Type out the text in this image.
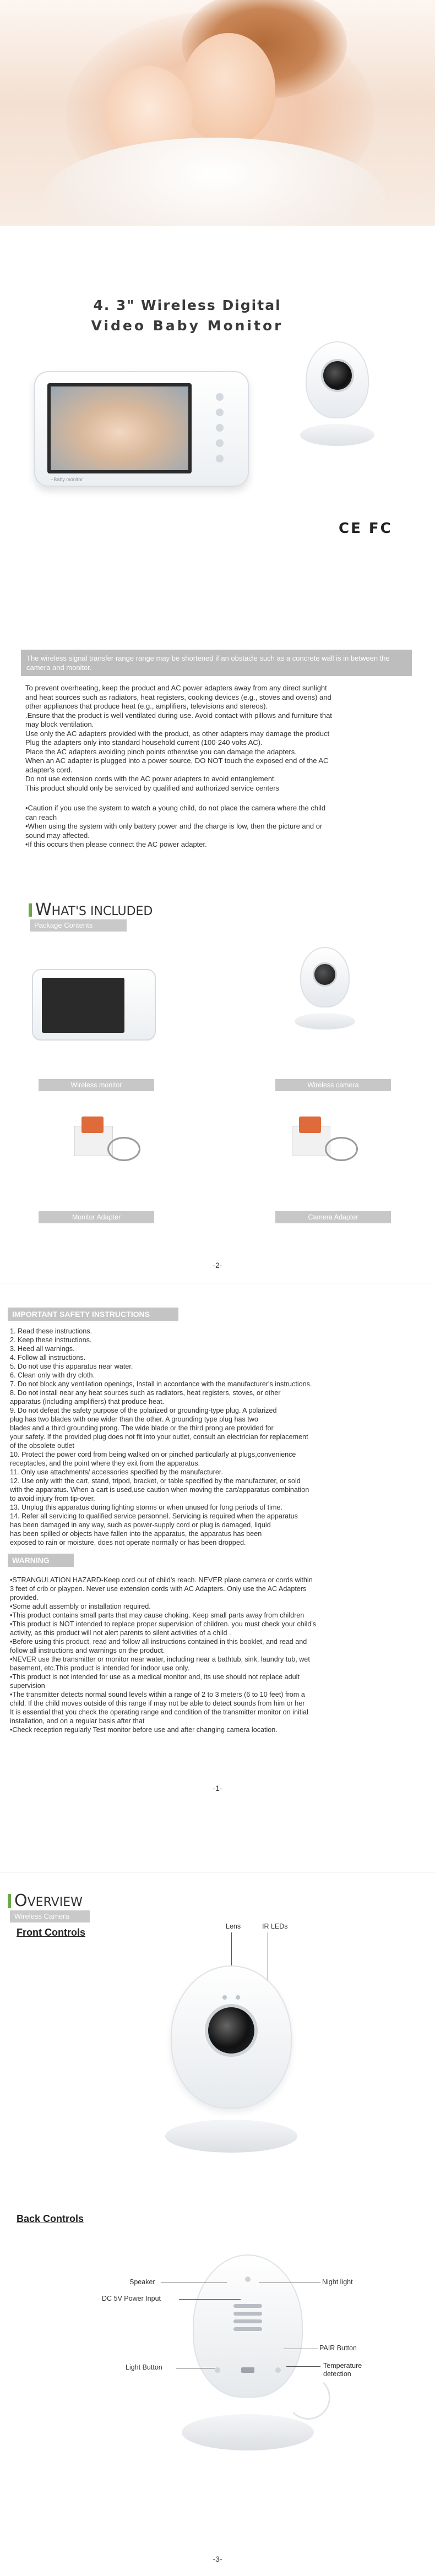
4. 3" Wireless Digital
Video Baby Monitor
~Baby monitor
CE FC
The wireless signal transfer range range may be shortened if an obstacle such as a concrete wall is in between the camera and monitor.

To prevent overheating, keep the product and AC power adapters away from any direct sunlight

and heat sources such as radiators, heat registers, cooking devices (e.g., stoves and ovens) and

other appliances that produce heat (e.g., amplifiers, televisions and stereos).

.Ensure that the product is well ventilated during use. Avoid contact with pillows and furniture that

may block ventilation.

Use only the AC adapters provided with the product, as other adapters may damage the product

Plug the adapters only into standard household current (100-240 volts AC).

Place the AC adapters avoiding pinch points otherwise you can damage the adapters.

When an AC adapter is plugged into a power source, DO NOT touch the exposed end of the AC

adapter's cord.

Do not use extension cords with the AC power adapters to avoid entanglement.

This product should only be serviced by qualified and authorized service centers

•Caution if you use the system to watch a young child, do not place the camera where the child

can reach

•When using the system with only battery power and the charge is low, then the picture and or

sound may affected.

•If this occurs then please connect the AC power adapter.

WHAT'S INCLUDED
Package Contents
Wireless monitor	Wireless camera
Monitor Adapter	Camera Adapter
-2-
IMPORTANT SAFETY INSTRUCTIONS

1. Read these instructions.

2. Keep these instructions.

3. Heed all warnings.

4. Follow all instructions.

5. Do not use this apparatus near water.

6. Clean only with dry cloth.

7. Do not block any ventilation openings, Install in accordance with the manufacturer's instructions.

8. Do not install near any heat sources such as radiators, heat registers, stoves, or other

apparatus (including amplifiers) that produce heat.

9. Do not defeat the safety purpose of the polarized or grounding-type plug. A polarized

plug has two blades with one wider than the other. A grounding type plug has two

blades and a third grounding prong. The wide blade or the third prong are provided for

your safety. If the provided plug does not fit into your outlet, consult an electrician for replacement

of the obsolete outlet

10. Protect the power cord from being walked on or pinched particularly at plugs,convenience

receptacles, and the point where they exit from the apparatus.

11. Only use attachments/ accessories specified by the manufacturer.

12. Use only with the cart, stand, tripod, bracket, or table specified by the manufacturer, or sold

with the apparatus. When a cart is used,use caution when moving the cart/apparatus combination

to avoid injury from tip-over.

13. Unplug this apparatus during lighting storms or when unused for long periods of time.

14. Refer all servicing to qualified service personnel. Servicing is required when the apparatus

has been damaged in any way, such as power-supply cord or plug is damaged, liquid

has been spilled or objects have fallen into the apparatus, the apparatus has been

exposed to rain or moisture. does not operate normally or has been dropped.

WARNING

•STRANGULATION HAZARD-Keep cord out of child's reach. NEVER place camera or cords within

3 feet of crib or playpen. Never use extension cords with AC Adapters. Only use the AC Adapters

provided.

•Some adult assembly or installation required.

•This product contains small parts that may cause choking. Keep small parts away from children

•This product is NOT intended to replace proper supervision of children. you must check your child's

activity, as this product will not alert parents to silent activities of a child .

•Before using this product, read and follow all instructions contained in this booklet, and read and

follow all instructions and warnings on the product.

•NEVER use the transmitter or monitor near water, including near a bathtub, sink, laundry tub, wet

basement, etc.This product is intended for indoor use only.

•This product is not intended for use as a medical monitor and, its use should not replace adult

supervision

•The transmitter detects normal sound levels within a range of 2 to 3 meters (6 to 10 feet) from a

child. If the child moves outside of this range if may not be able to detect sounds from him or her

It is essential that you check the operating range and condition of the transmitter monitor on initial

installation, and on a regular basis after that

•Check reception regularly Test monitor before use and after changing camera location.

-1-
OVERVIEW
Wireless Camera
Front Controls
Lens	IR LEDs
Back Controls
Speaker
DC 5V Power Input
Light Button
Night light
PAIR Button
Temperature
detection
-3-
